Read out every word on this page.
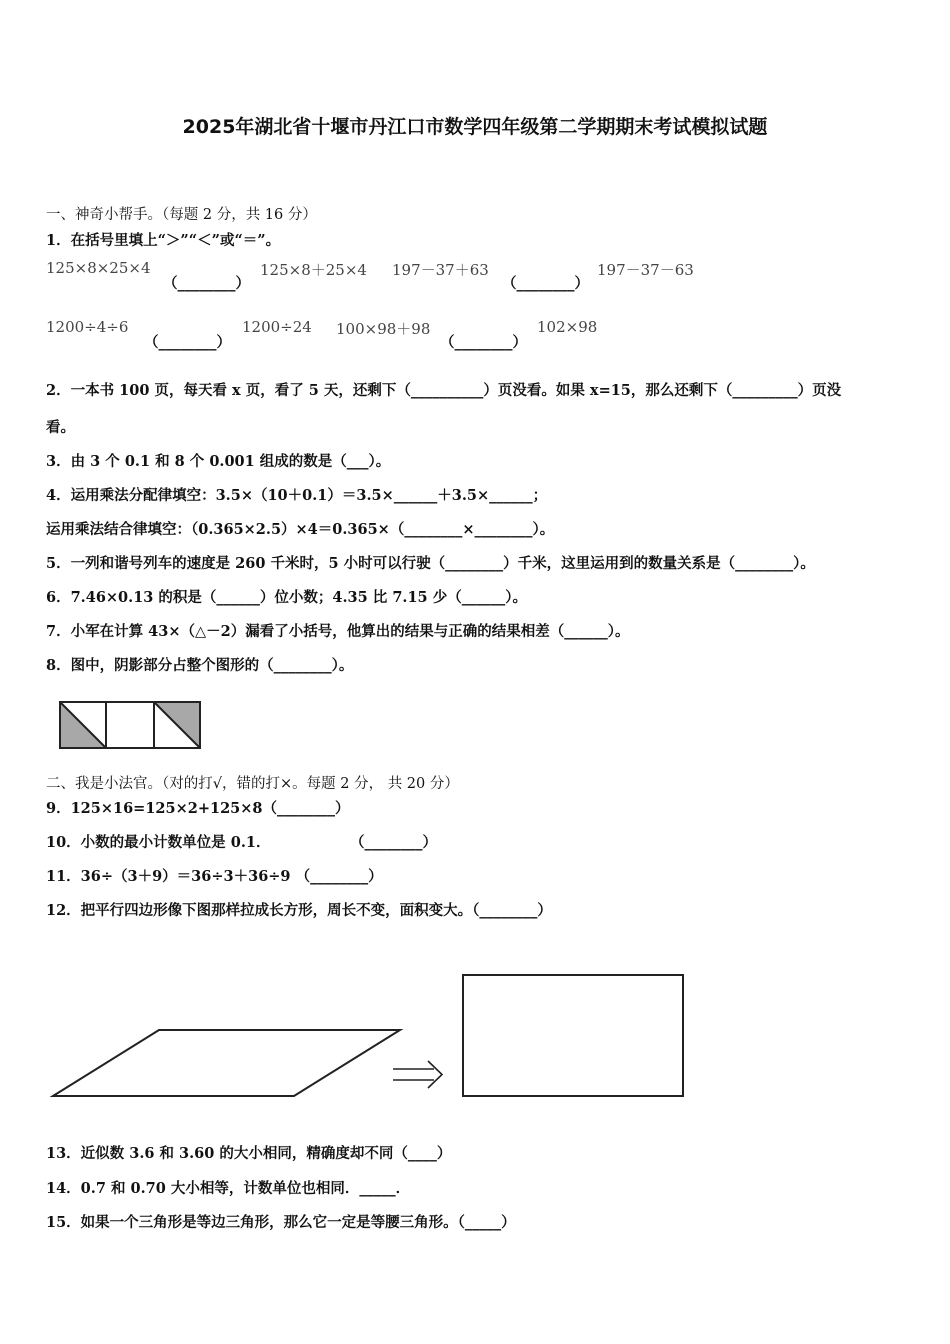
2025年湖北省十堰市丹江口市数学四年级第二学期期末考试模拟试题
一、神奇小帮手。（每题 2 分，共 16 分）
1．在括号里填上“＞”“＜”或“＝”。
125×8×25×4
（________）
125×8＋25×4 197－37＋63
（________）
197－37－63
1200÷4÷6
（________）
1200÷24 100×98＋98
（________）
102×98
2．一本书 100 页，每天看 x 页，看了 5 天，还剩下（__________）页没看。如果 x=15，那么还剩下（_________）页没
看。
3．由 3 个 0.1 和 8 个 0.001 组成的数是（___）。
4．运用乘法分配律填空：3.5×（10＋0.1）＝3.5×______＋3.5×______；
运用乘法结合律填空：（0.365×2.5）×4＝0.365×（________×________）。
5．一列和谐号列车的速度是 260 千米时，5 小时可以行驶（________）千米，这里运用到的数量关系是（________）。
6．7.46×0.13 的积是（______）位小数；4.35 比 7.15 少（______）。
7．小军在计算 43×（△－2）漏看了小括号，他算出的结果与正确的结果相差（______）。
8．图中，阴影部分占整个图形的（________）。
二、我是小法官。（对的打√，错的打×。每题 2 分， 共 20 分）
9．125×16=125×2+125×8（________）
10．小数的最小计数单位是 0.1．	（________）
11．36÷（3＋9）＝36÷3＋36÷9 （________）
12．把平行四边形像下图那样拉成长方形，周长不变，面积变大。（________）
13．近似数 3.6 和 3.60 的大小相同，精确度却不同（____）
14．0.7 和 0.70 大小相等，计数单位也相同．_____．
15．如果一个三角形是等边三角形，那么它一定是等腰三角形。（_____）
